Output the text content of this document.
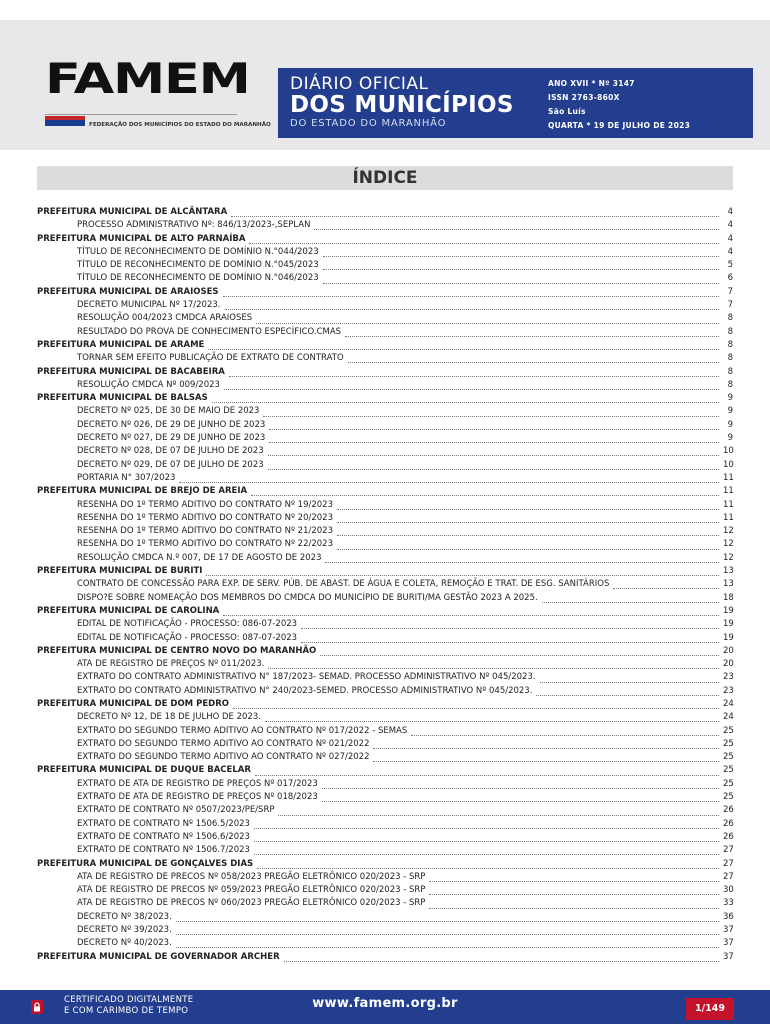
FAMEM
FEDERAÇÃO DOS MUNICÍPIOS DO ESTADO DO MARANHÃO
DIÁRIO OFICIAL
DOS MUNICÍPIOS
DO ESTADO DO MARANHÃO
ANO XVII * Nº 3147
ISSN 2763-860X
São Luís
QUARTA * 19 DE JULHO DE 2023
ÍNDICE
PREFEITURA MUNICIPAL DE ALCÂNTARA	4
PROCESSO ADMINISTRATIVO Nº: 846/13/2023-,SEPLAN	4
PREFEITURA MUNICIPAL DE ALTO PARNAÍBA	4
TÍTULO DE RECONHECIMENTO DE DOMÍNIO N.°044/2023	4
TÍTULO DE RECONHECIMENTO DE DOMÍNIO N.°045/2023	5
TÍTULO DE RECONHECIMENTO DE DOMÍNIO N.°046/2023	6
PREFEITURA MUNICIPAL DE ARAIOSES	7
DECRETO MUNICIPAL Nº 17/2023.	7
RESOLUÇÃO 004/2023 CMDCA ARAIOSES	8
RESULTADO DO PROVA DE CONHECIMENTO ESPECÍFICO.CMAS	8
PREFEITURA MUNICIPAL DE ARAME	8
TORNAR SEM EFEITO PUBLICAÇÃO DE EXTRATO DE CONTRATO	8
PREFEITURA MUNICIPAL DE BACABEIRA	8
RESOLUÇÃO CMDCA Nº 009/2023	8
PREFEITURA MUNICIPAL DE BALSAS	9
DECRETO Nº 025, DE 30 DE MAIO DE 2023	9
DECRETO Nº 026, DE 29 DE JUNHO DE 2023	9
DECRETO Nº 027, DE 29 DE JUNHO DE 2023	9
DECRETO Nº 028, DE 07 DE JULHO DE 2023	10
DECRETO Nº 029, DE 07 DE JULHO DE 2023	10
PORTARIA N° 307/2023	11
PREFEITURA MUNICIPAL DE BREJO DE AREIA	11
RESENHA DO 1º TERMO ADITIVO DO CONTRATO Nº 19/2023	11
RESENHA DO 1º TERMO ADITIVO DO CONTRATO Nº 20/2023	11
RESENHA DO 1º TERMO ADITIVO DO CONTRATO Nº 21/2023	12
RESENHA DO 1º TERMO ADITIVO DO CONTRATO Nº 22/2023	12
RESOLUÇÃO CMDCA N.º 007, DE 17 DE AGOSTO DE 2023	12
PREFEITURA MUNICIPAL DE BURITI	13
CONTRATO DE CONCESSÃO PARA EXP. DE SERV. PÚB. DE ABAST. DE ÁGUA E COLETA, REMOÇÃO E TRAT. DE ESG. SANITÁRIOS	13
DISPO?E SOBRE NOMEAÇÃO DOS MEMBROS DO CMDCA DO MUNICÍPIO DE BURITI/MA GESTÃO 2023 A 2025.	18
PREFEITURA MUNICIPAL DE CAROLINA	19
EDITAL DE NOTIFICAÇÃO - PROCESSO: 086-07-2023	19
EDITAL DE NOTIFICAÇÃO - PROCESSO: 087-07-2023	19
PREFEITURA MUNICIPAL DE CENTRO NOVO DO MARANHÃO	20
ATA DE REGISTRO DE PREÇOS Nº 011/2023.	20
EXTRATO DO CONTRATO ADMINISTRATIVO N° 187/2023- SEMAD. PROCESSO ADMINISTRATIVO Nº 045/2023.	23
EXTRATO DO CONTRATO ADMINISTRATIVO N° 240/2023-SEMED. PROCESSO ADMINISTRATIVO Nº 045/2023.	23
PREFEITURA MUNICIPAL DE DOM PEDRO	24
DECRETO Nº 12, DE 18 DE JULHO DE 2023.	24
EXTRATO DO SEGUNDO TERMO ADITIVO AO CONTRATO Nº 017/2022 - SEMAS	25
EXTRATO DO SEGUNDO TERMO ADITIVO AO CONTRATO Nº 021/2022	25
EXTRATO DO SEGUNDO TERMO ADITIVO AO CONTRATO Nº 027/2022	25
PREFEITURA MUNICIPAL DE DUQUE BACELAR	25
EXTRATO DE ATA DE REGISTRO DE PREÇOS Nº 017/2023	25
EXTRATO DE ATA DE REGISTRO DE PREÇOS Nº 018/2023	25
EXTRATO DE CONTRATO Nº 0507/2023/PE/SRP	26
EXTRATO DE CONTRATO Nº 1506.5/2023	26
EXTRATO DE CONTRATO Nº 1506.6/2023	26
EXTRATO DE CONTRATO Nº 1506.7/2023	27
PREFEITURA MUNICIPAL DE GONÇALVES DIAS	27
ATA DE REGISTRO DE PRECOS Nº 058/2023 PREGÃO ELETRÔNICO 020/2023 - SRP	27
ATA DE REGISTRO DE PRECOS Nº 059/2023 PREGÃO ELETRÔNICO 020/2023 - SRP	30
ATA DE REGISTRO DE PRECOS Nº 060/2023 PREGÃO ELETRÔNICO 020/2023 - SRP	33
DECRETO Nº 38/2023.	36
DECRETO Nº 39/2023.	37
DECRETO Nº 40/2023.	37
PREFEITURA MUNICIPAL DE GOVERNADOR ARCHER	37
CERTIFICADO DIGITALMENTE
E COM CARIMBO DE TEMPO	www.famem.org.br	1/149
